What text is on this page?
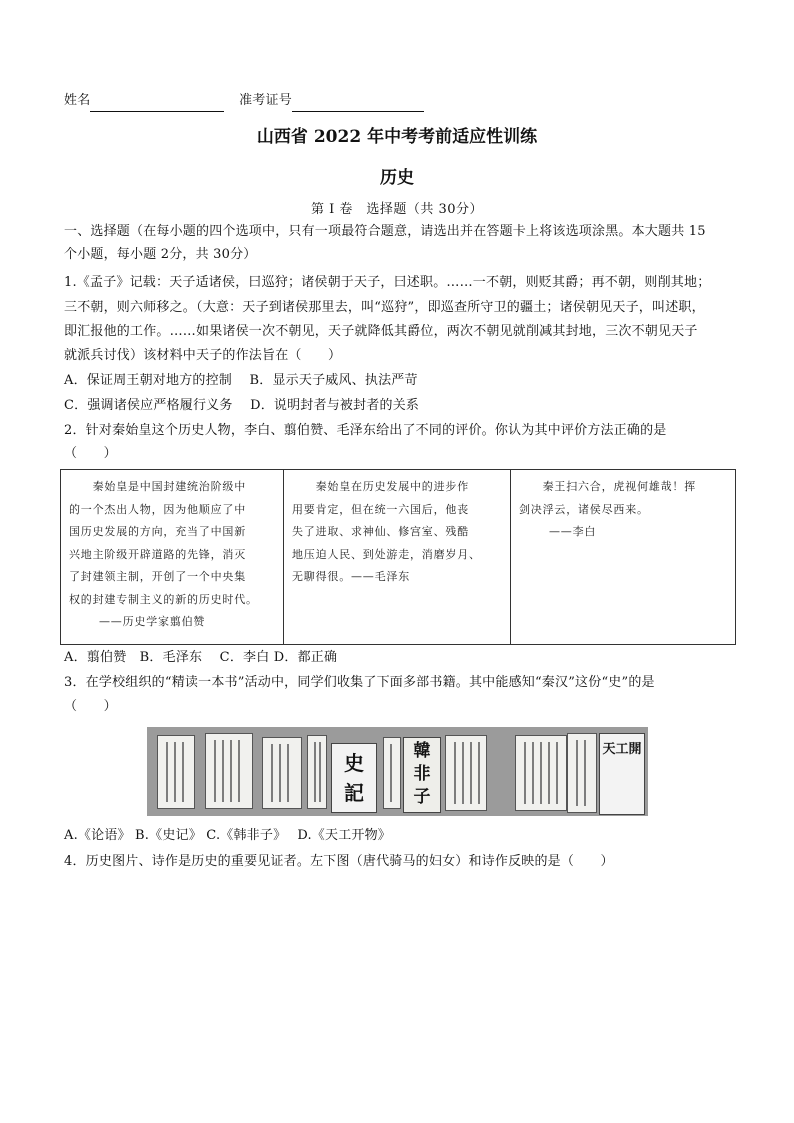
姓名	准考证号
山西省 2022 年中考考前适应性训练
历史
第 I 卷　选择题（共 30分）
一、选择题（在每小题的四个选项中，只有一项最符合题意，请选出并在答题卡上将该选项涂黑。本大题共 15
个小题，每小题 2分，共 30分）
1.《孟子》记载：天子适诸侯，曰巡狩；诸侯朝于天子，曰述职。……一不朝，则贬其爵；再不朝，则削其地；
三不朝，则六师移之。（大意：天子到诸侯那里去，叫“巡狩”，即巡查所守卫的疆土；诸侯朝见天子，叫述职，
即汇报他的工作。……如果诸侯一次不朝见，天子就降低其爵位，两次不朝见就削减其封地，三次不朝见天子
就派兵讨伐）该材料中天子的作法旨在（　　）
A．保证周王朝对地方的控制　 B．显示天子威风、执法严苛
C．强调诸侯应严格履行义务　 D．说明封者与被封者的关系
2．针对秦始皇这个历史人物，李白、翦伯赞、毛泽东给出了不同的评价。你认为其中评价方法正确的是
（　　）
　　秦始皇是中国封建统治阶级中
的一个杰出人物，因为他顺应了中
国历史发展的方向，充当了中国新
兴地主阶级开辟道路的先锋，消灭
了封建领主制，开创了一个中央集
权的封建专制主义的新的历史时代。
——历史学家翦伯赞

　　秦始皇在历史发展中的进步作
用要肯定，但在统一六国后，他丧
失了进取、求神仙、修宫室、残酷
地压迫人民、到处游走，消磨岁月、
无聊得很。——毛泽东

　　秦王扫六合，虎视何雄哉！挥
剑决浮云，诸侯尽西来。
——李白
A．翦伯赞　B．毛泽东　 C．李白 D．都正确
3．在学校组织的“精读一本书”活动中，同学们收集了下面多部书籍。其中能感知“秦汉”这份“史”的是
（　　）
史
記
韓
非
子
天工開
A.《论语》 B.《史记》 C.《韩非子》　 D.《天工开物》
4．历史图片、诗作是历史的重要见证者。左下图（唐代骑马的妇女）和诗作反映的是（　　）
